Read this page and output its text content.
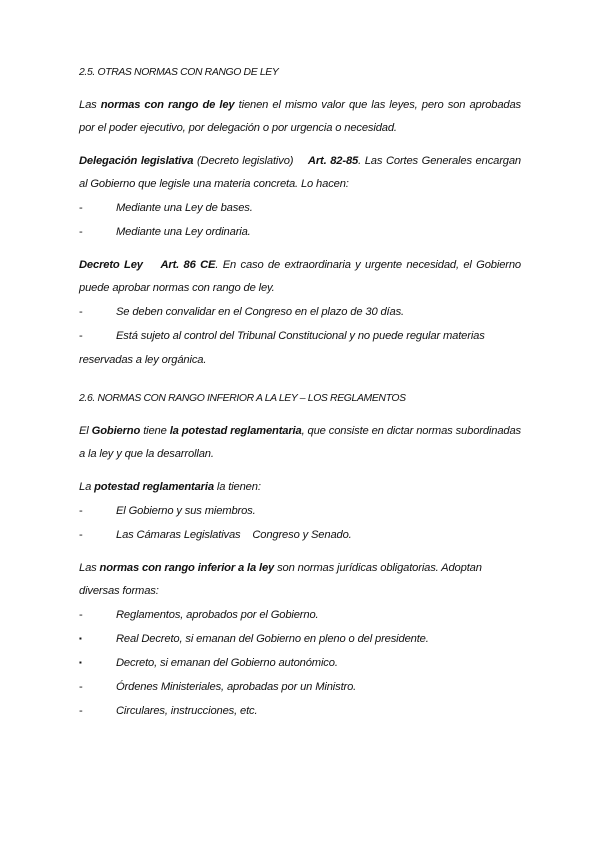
2.5. OTRAS NORMAS CON RANGO DE LEY

Las normas con rango de ley tienen el mismo valor que las leyes, pero son aprobadas por el poder ejecutivo, por delegación o por urgencia o necesidad.

Delegación legislativa (Decreto legislativo)    Art. 82-85. Las Cortes Generales encargan al Gobierno que legisle una materia concreta. Lo hacen:

-	Mediante una Ley de bases.
-	Mediante una Ley ordinaria.

Decreto Ley Art. 86 CE. En caso de extraordinaria y urgente necesidad, el Gobierno puede aprobar normas con rango de ley.

-	Se deben convalidar en el Congreso en el plazo de 30 días.
-	Está sujeto al control del Tribunal Constitucional y no puede regular materias reservadas a ley orgánica.
2.6. NORMAS CON RANGO INFERIOR A LA LEY – LOS REGLAMENTOS

El Gobierno tiene la potestad reglamentaria, que consiste en dictar normas subordinadas a la ley y que la desarrollan.

La potestad reglamentaria la tienen:

-	El Gobierno y sus miembros.
-	Las Cámaras Legislativas    Congreso y Senado.

Las normas con rango inferior a la ley son normas jurídicas obligatorias. Adoptan diversas formas:

-	Reglamentos, aprobados por el Gobierno.
▪	Real Decreto, si emanan del Gobierno en pleno o del presidente.
▪	Decreto, si emanan del Gobierno autonómico.
-	Órdenes Ministeriales, aprobadas por un Ministro.
-	Circulares, instrucciones, etc.
